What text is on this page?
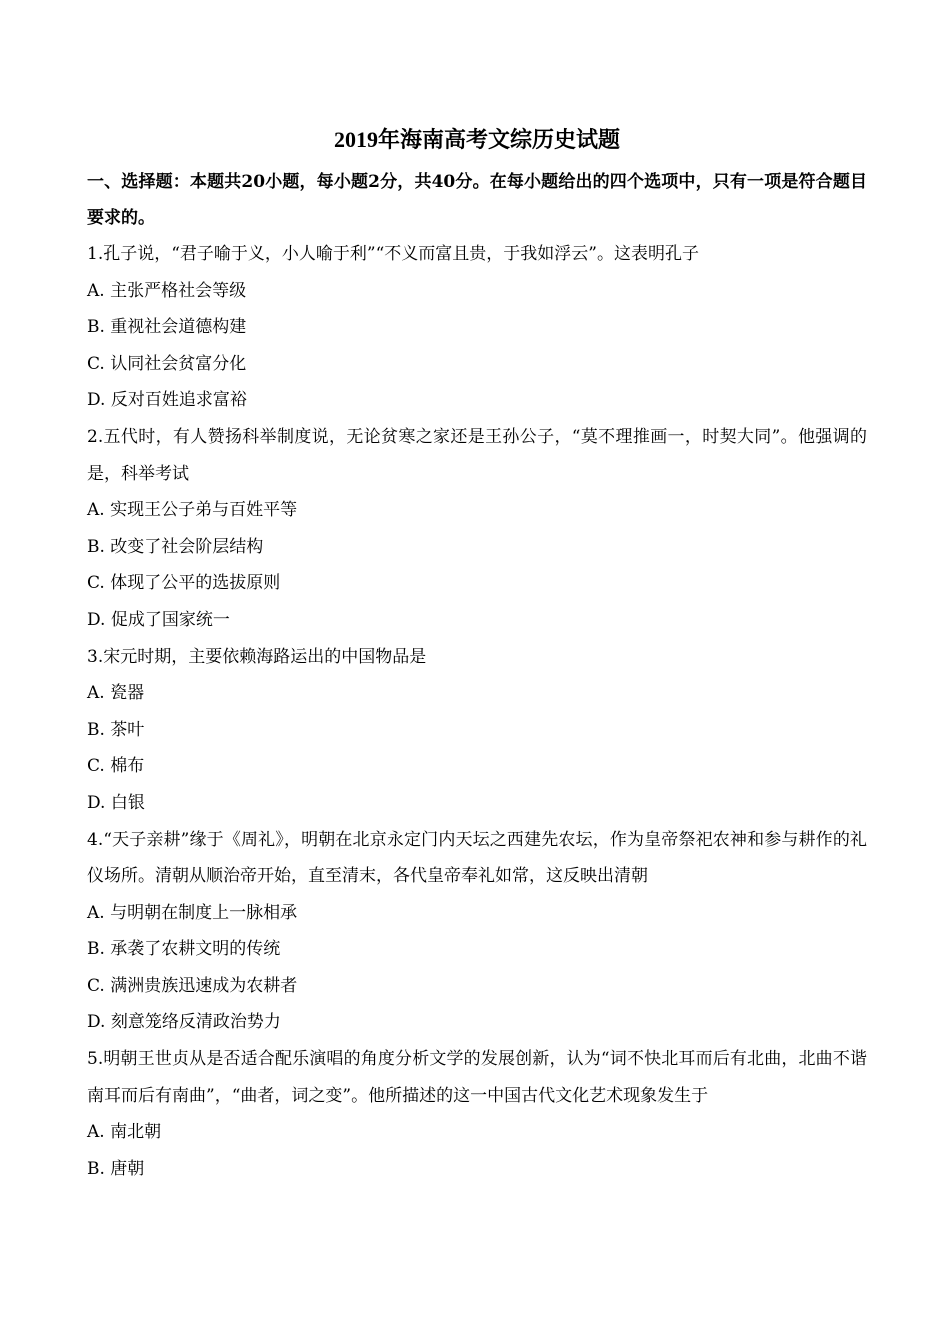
2019年海南高考文综历史试题

一、选择题：本题共20小题，每小题2分，共40分。在每小题给出的四个选项中，只有一项是符合题目要求的。

1.孔子说，“君子喻于义，小人喻于利”“不义而富且贵，于我如浮云”。这表明孔子

A. 主张严格社会等级

B. 重视社会道德构建

C. 认同社会贫富分化

D. 反对百姓追求富裕

2.五代时，有人赞扬科举制度说，无论贫寒之家还是王孙公子，“莫不理推画一，时契大同”。他强调的是，科举考试

A. 实现王公子弟与百姓平等

B. 改变了社会阶层结构

C. 体现了公平的选拔原则

D. 促成了国家统一

3.宋元时期，主要依赖海路运出的中国物品是

A. 瓷器

B. 茶叶

C. 棉布

D. 白银

4.“天子亲耕”缘于《周礼》，明朝在北京永定门内天坛之西建先农坛，作为皇帝祭祀农神和参与耕作的礼仪场所。清朝从顺治帝开始，直至清末，各代皇帝奉礼如常，这反映出清朝

A. 与明朝在制度上一脉相承

B. 承袭了农耕文明的传统

C. 满洲贵族迅速成为农耕者

D. 刻意笼络反清政治势力

5.明朝王世贞从是否适合配乐演唱的角度分析文学的发展创新，认为“词不快北耳而后有北曲，北曲不谐南耳而后有南曲”，“曲者，词之变”。他所描述的这一中国古代文化艺术现象发生于

A. 南北朝

B. 唐朝
